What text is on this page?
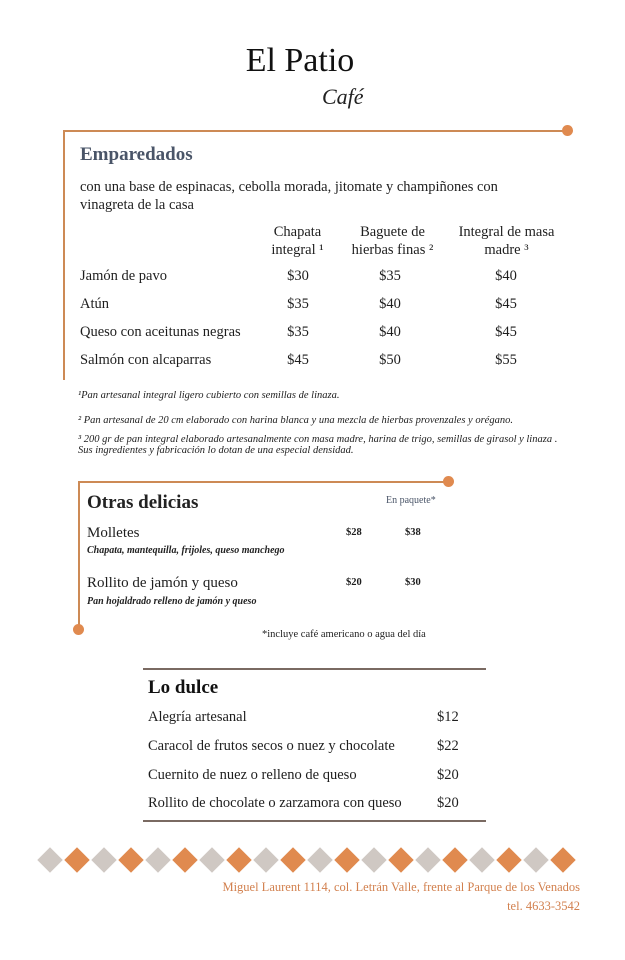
El Patio
Café
Emparedados
con una base de espinacas, cebolla morada, jitomate y champiñones con vinagreta de la casa
Chapata
integral ¹
Baguete de
hierbas finas ²
Integral de masa
madre ³
Jamón de pavo	$30	$35	$40
Atún	$35	$40	$45
Queso con aceitunas negras	$35	$40	$45
Salmón con alcaparras	$45	$50	$55
¹Pan artesanal integral ligero cubierto con semillas de linaza.
² Pan artesanal de 20 cm elaborado con harina blanca y una mezcla de hierbas provenzales y orégano.
³ 200 gr de pan integral elaborado artesanalmente con masa madre, harina de trigo, semillas de girasol y linaza . Sus ingredientes y fabricación lo dotan de una especial densidad.
Otras delicias	En paquete*
Molletes
Chapata, mantequilla, frijoles, queso manchego
$28	$38
Rollito de jamón y queso
Pan hojaldrado relleno de jamón y queso
$20	$30
*incluye café americano o agua del día
Lo dulce
Alegría artesanal	$12
Caracol de frutos secos o nuez y chocolate	$22
Cuernito de nuez o relleno de queso	$20
Rollito de chocolate o zarzamora con queso $20
Miguel Laurent 1114, col. Letrán Valle, frente al Parque de los Venados
tel. 4633-3542
